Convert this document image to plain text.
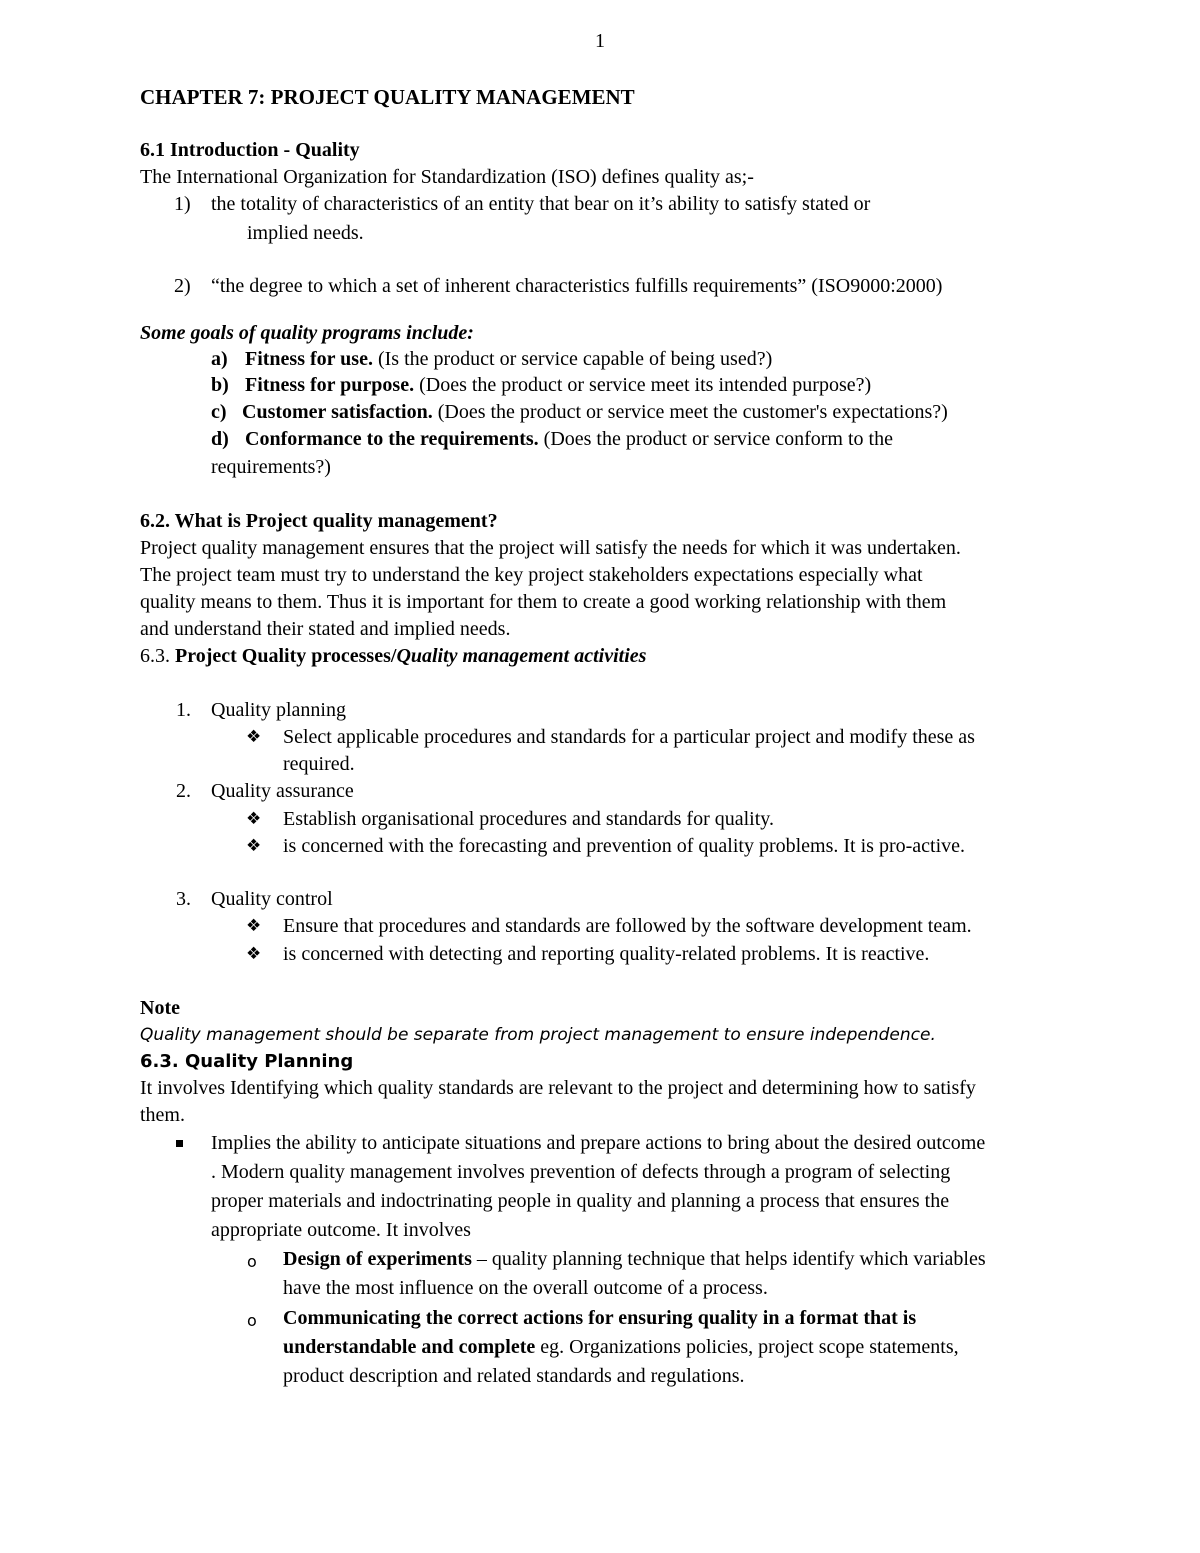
1
CHAPTER 7: PROJECT QUALITY MANAGEMENT
6.1 Introduction - Quality
The International Organization for Standardization (ISO) defines quality as;-
1) the totality of characteristics of an entity that bear on it’s ability to satisfy stated or
implied needs.
2) “the degree to which a set of inherent characteristics fulfills requirements” (ISO9000:2000)
Some goals of quality programs include:
a) Fitness for use. (Is the product or service capable of being used?)
b) Fitness for purpose. (Does the product or service meet its intended purpose?)
c) Customer satisfaction. (Does the product or service meet the customer's expectations?)
d) Conformance to the requirements. (Does the product or service conform to the
requirements?)
6.2. What is Project quality management?
Project quality management ensures that the project will satisfy the needs for which it was undertaken.
The project team must try to understand the key project stakeholders expectations especially what
quality means to them. Thus it is important for them to create a good working relationship with them
and understand their stated and implied needs.
6.3. Project Quality processes/Quality management activities
1. Quality planning
❖ Select applicable procedures and standards for a particular project and modify these as
required.
2. Quality assurance
❖ Establish organisational procedures and standards for quality.
❖ is concerned with the forecasting and prevention of quality problems. It is pro-active.
3. Quality control
❖ Ensure that procedures and standards are followed by the software development team.
❖ is concerned with detecting and reporting quality-related problems. It is reactive.
Note
Quality management should be separate from project management to ensure independence.
6.3. Quality Planning
It involves Identifying which quality standards are relevant to the project and determining how to satisfy
them.
Implies the ability to anticipate situations and prepare actions to bring about the desired outcome
. Modern quality management involves prevention of defects through a program of selecting
proper materials and indoctrinating people in quality and planning a process that ensures the
appropriate outcome. It involves
o Design of experiments – quality planning technique that helps identify which variables
have the most influence on the overall outcome of a process.
o Communicating the correct actions for ensuring quality in a format that is
understandable and complete eg. Organizations policies, project scope statements,
product description and related standards and regulations.
